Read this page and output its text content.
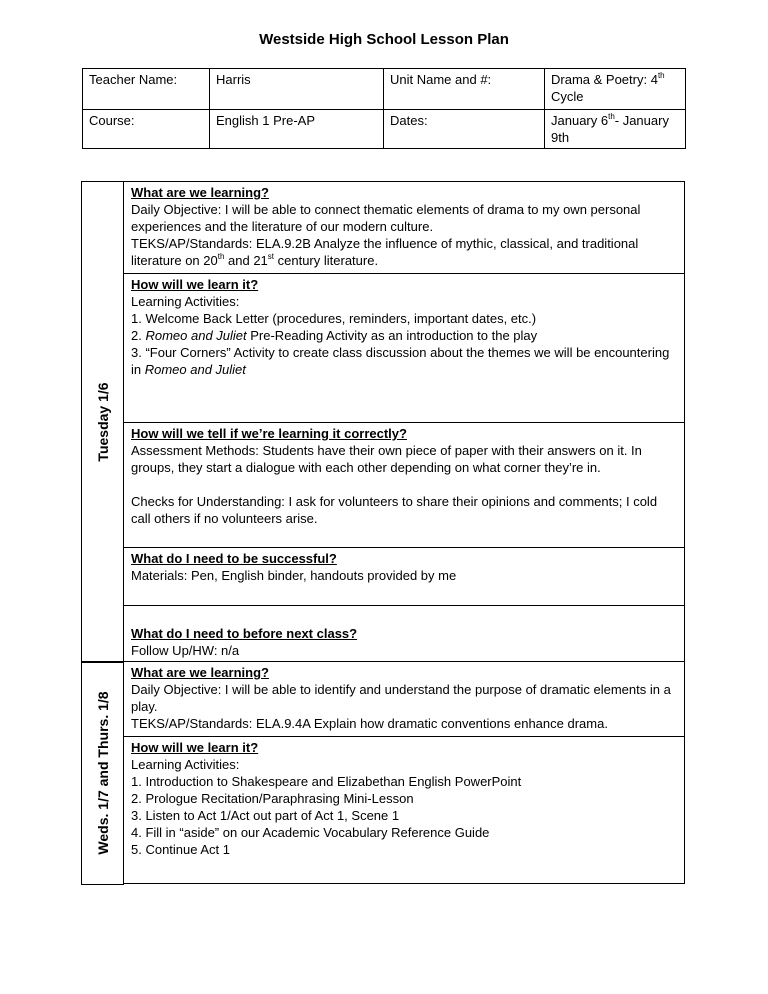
Westside High School Lesson Plan
Teacher Name:	Harris	Unit Name and #:	Drama & Poetry: 4th
Cycle
Course:	English 1 Pre-AP	Dates:	January 6th- January
9th
Tuesday 1/6
What are we learning?
Daily Objective: I will be able to connect thematic elements of drama to my own personal experiences and the literature of our modern culture.
TEKS/AP/Standards: ELA.9.2B Analyze the influence of mythic, classical, and traditional literature on 20th and 21st century literature.
How will we learn it?
Learning Activities:
1. Welcome Back Letter (procedures, reminders, important dates, etc.)
2. Romeo and Juliet Pre-Reading Activity as an introduction to the play
3. “Four Corners” Activity to create class discussion about the themes we will be encountering in Romeo and Juliet
How will we tell if we’re learning it correctly?
Assessment Methods: Students have their own piece of paper with their answers on it. In groups, they start a dialogue with each other depending on what corner they’re in.
Checks for Understanding: I ask for volunteers to share their opinions and comments; I cold call others if no volunteers arise.
What do I need to be successful?
Materials: Pen, English binder, handouts provided by me
What do I need to before next class?
Follow Up/HW: n/a
Weds. 1/7 and Thurs. 1/8
What are we learning?
Daily Objective: I will be able to identify and understand the purpose of dramatic elements in a play.
TEKS/AP/Standards: ELA.9.4A Explain how dramatic conventions enhance drama.
How will we learn it?
Learning Activities:
1. Introduction to Shakespeare and Elizabethan English PowerPoint
2. Prologue Recitation/Paraphrasing Mini-Lesson
3. Listen to Act 1/Act out part of Act 1, Scene 1
4. Fill in “aside” on our Academic Vocabulary Reference Guide
5. Continue Act 1
